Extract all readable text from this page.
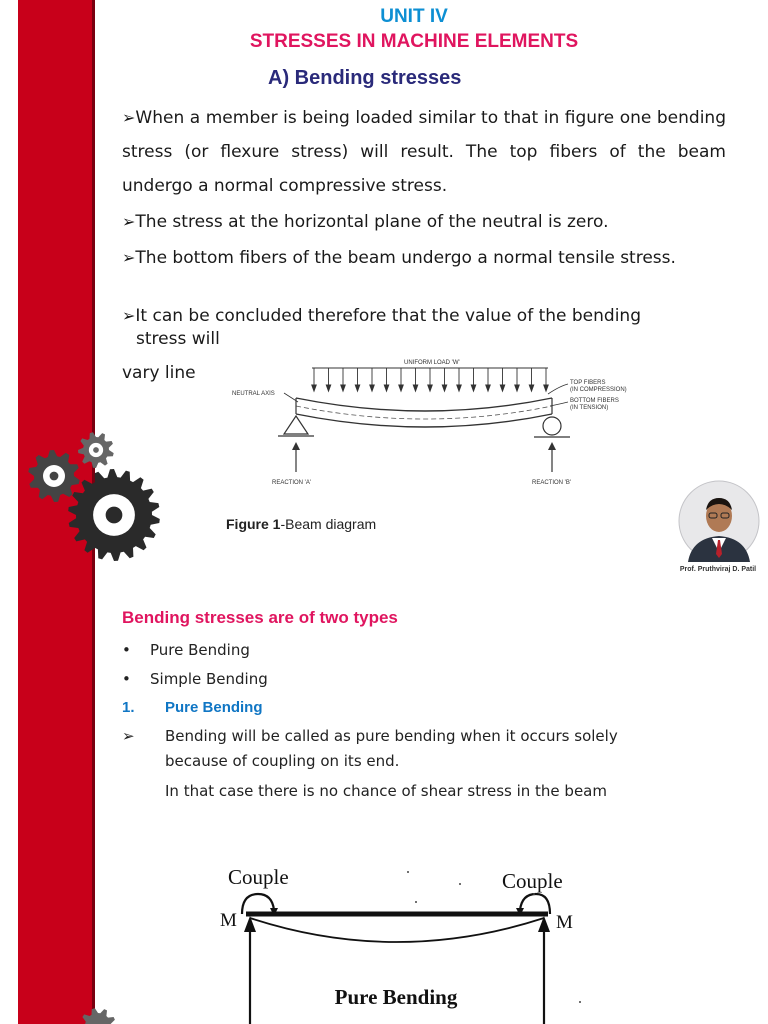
UNIT IV
STRESSES IN MACHINE ELEMENTS
A) Bending stresses
➢When a member is being loaded similar to that in figure one bending stress (or flexure stress) will result. The top fibers of the beam undergo a normal compressive stress.
➢The stress at the horizontal plane of the neutral is zero.
➢The bottom fibers of the beam undergo a normal tensile stress.
➢It can be concluded therefore that the value of the bending
stress will
vary line	UNIFORM LOAD 'W'
NEUTRAL AXIS
TOP FIBERS
(IN COMPRESSION)
BOTTOM FIBERS
(IN TENSION)
REACTION 'A'	REACTION 'B'
Figure 1-Beam diagram
Prof. Pruthviraj D. Patil
Bending stresses are of two types
• Pure Bending
• Simple Bending
1. Pure Bending
➢	Bending will be called as pure bending when it occurs solely
because of coupling on its end.
In that case there is no chance of shear stress in the beam
Couple	Couple
M	M
Pure Bending
